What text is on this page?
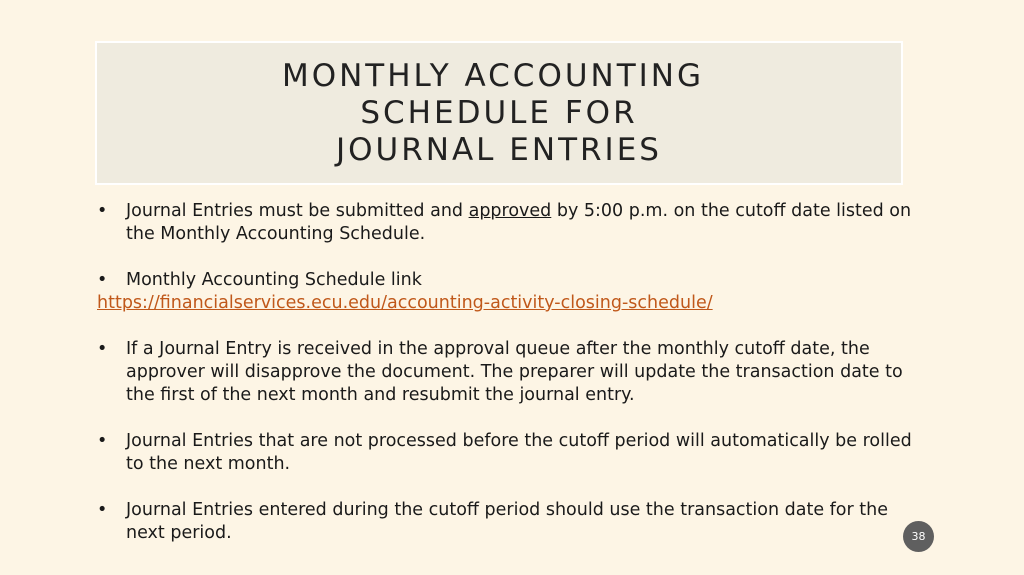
MONTHLY ACCOUNTING
SCHEDULE FOR
JOURNAL ENTRIES
• Journal Entries must be submitted and approved by 5:00 p.m. on the cutoff date listed on the Monthly Accounting Schedule.
• Monthly Accounting Schedule link
https://financialservices.ecu.edu/accounting-activity-closing-schedule/
• If a Journal Entry is received in the approval queue after the monthly cutoff date, the approver will disapprove the document. The preparer will update the transaction date to the first of the next month and resubmit the journal entry.
• Journal Entries that are not processed before the cutoff period will automatically be rolled to the next month.
• Journal Entries entered during the cutoff period should use the transaction date for the next period.	38
